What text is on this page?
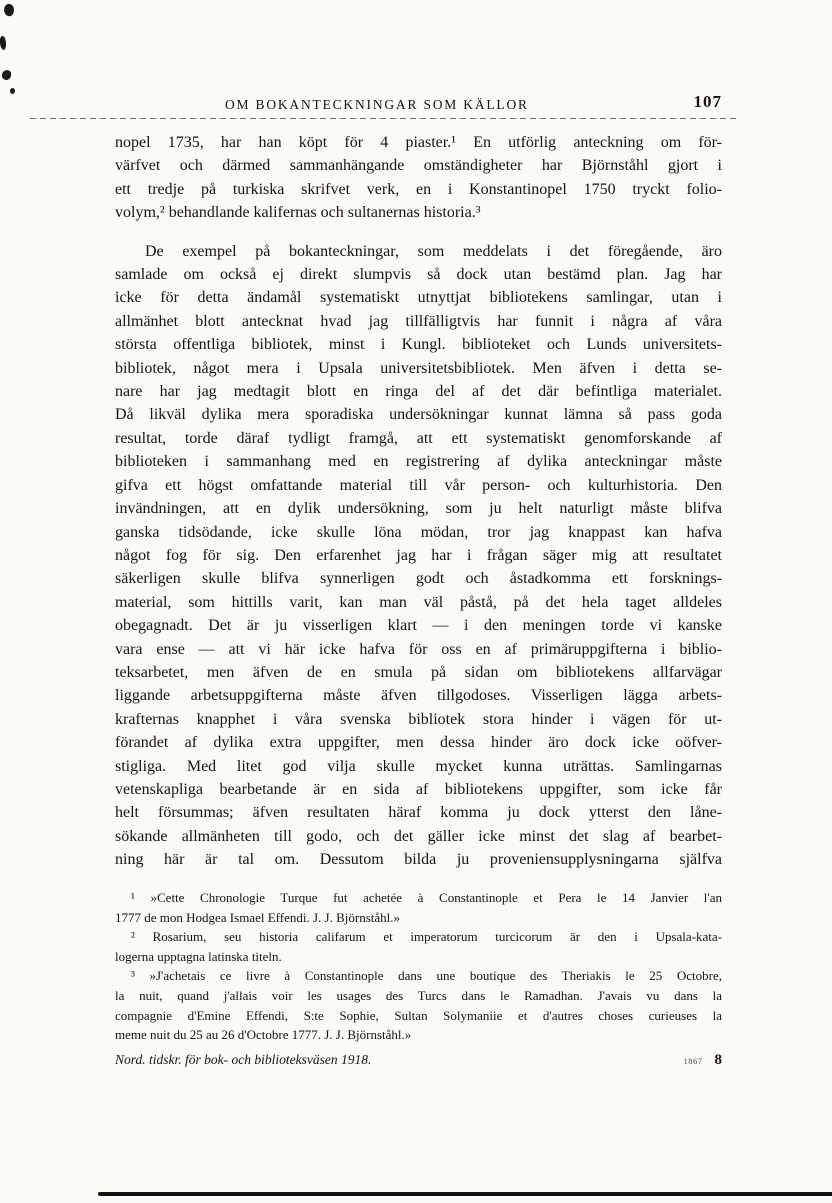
OM BOKANTECKNINGAR SOM KÄLLOR	107
nopel 1735, har han köpt för 4 piaster.¹ En utförlig anteckning om för-
värfvet och därmed sammanhängande omständigheter har Björnståhl gjort i
ett tredje på turkiska skrifvet verk, en i Konstantinopel 1750 tryckt folio-
volym,² behandlande kalifernas och sultanernas historia.³
De exempel på bokanteckningar, som meddelats i det föregående, äro
samlade om också ej direkt slumpvis så dock utan bestämd plan. Jag har
icke för detta ändamål systematiskt utnyttjat bibliotekens samlingar, utan i
allmänhet blott antecknat hvad jag tillfälligtvis har funnit i några af våra
största offentliga bibliotek, minst i Kungl. biblioteket och Lunds universitets-
bibliotek, något mera i Upsala universitetsbibliotek. Men äfven i detta se-
nare har jag medtagit blott en ringa del af det där befintliga materialet.
Då likväl dylika mera sporadiska undersökningar kunnat lämna så pass goda
resultat, torde däraf tydligt framgå, att ett systematiskt genomforskande af
biblioteken i sammanhang med en registrering af dylika anteckningar måste
gifva ett högst omfattande material till vår person- och kulturhistoria. Den
invändningen, att en dylik undersökning, som ju helt naturligt måste blifva
ganska tidsödande, icke skulle löna mödan, tror jag knappast kan hafva
något fog för sig. Den erfarenhet jag har i frågan säger mig att resultatet
säkerligen skulle blifva synnerligen godt och åstadkomma ett forsknings-
material, som hittills varit, kan man väl påstå, på det hela taget alldeles
obegagnadt. Det är ju visserligen klart — i den meningen torde vi kanske
vara ense — att vi här icke hafva för oss en af primäruppgifterna i biblio-
teksarbetet, men äfven de en smula på sidan om bibliotekens allfarvägar
liggande arbetsuppgifterna måste äfven tillgodoses. Visserligen lägga arbets-
krafternas knapphet i våra svenska bibliotek stora hinder i vägen för ut-
förandet af dylika extra uppgifter, men dessa hinder äro dock icke oöfver-
stigliga. Med litet god vilja skulle mycket kunna uträttas. Samlingarnas
vetenskapliga bearbetande är en sida af bibliotekens uppgifter, som icke får
helt försummas; äfven resultaten häraf komma ju dock ytterst den låne-
sökande allmänheten till godo, och det gäller icke minst det slag af bearbet-
ning här är tal om. Dessutom bilda ju proveniensupplysningarna själfva
¹ »Cette Chronologie Turque fut achetée à Constantinople et Pera le 14 Janvier l'an
1777 de mon Hodgea Ismael Effendi. J. J. Björnståhl.»
² Rosarium, seu historia califarum et imperatorum turcicorum är den i Upsala-kata-
logerna upptagna latinska titeln.
³ »J'achetais ce livre à Constantinople dans une boutique des Theriakis le 25 Octobre,
la nuit, quand j'allais voir les usages des Turcs dans le Ramadhan. J'avais vu dans la
compagnie d'Emine Effendi, S:te Sophie, Sultan Solymaniie et d'autres choses curieuses la
meme nuit du 25 au 26 d'Octobre 1777. J. J. Björnståhl.»
Nord. tidskr. för bok- och biblioteksväsen 1918.	1867 8
